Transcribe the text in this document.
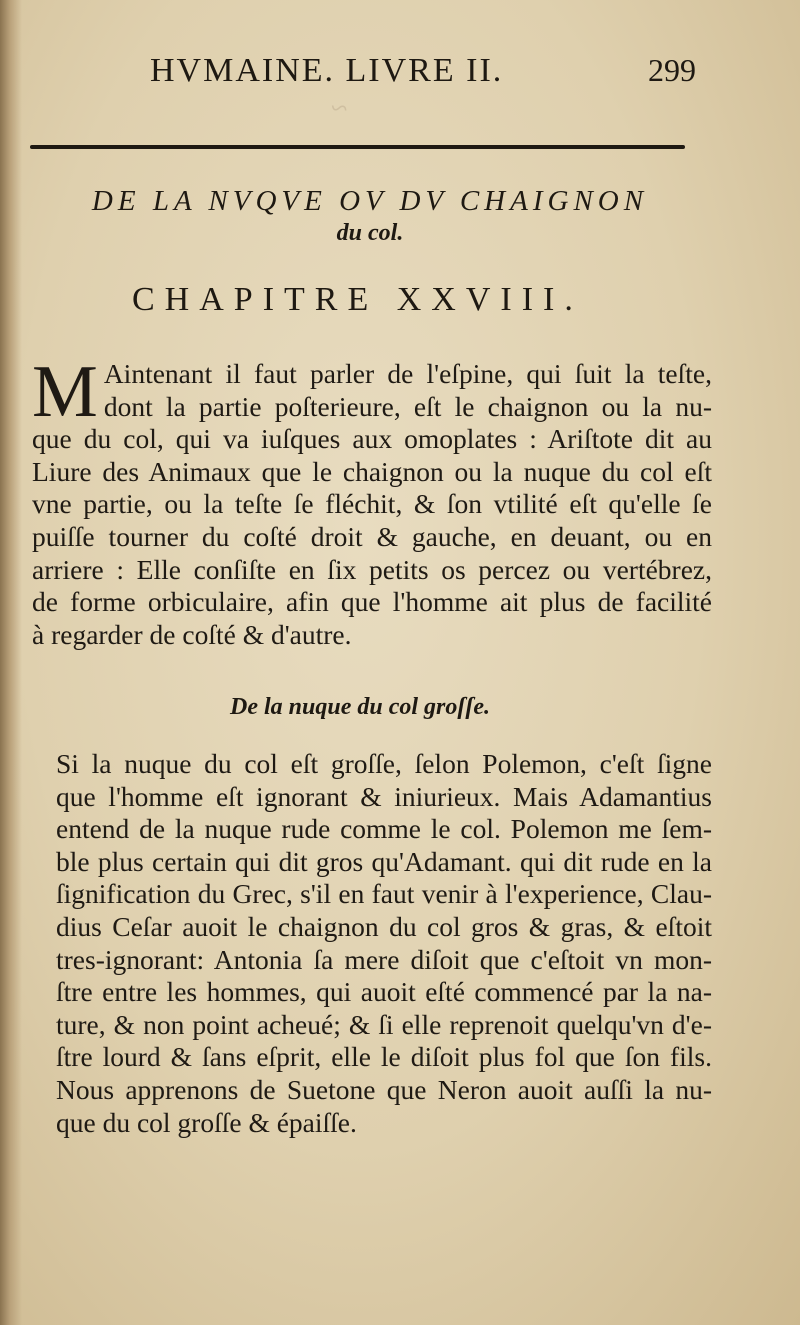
~
HVMAINE. LIVRE II.	299
DE LA NVQVE OV DV CHAIGNON
du col.
CHAPITRE XXVIII.
M Aintenant il faut parler de l'eſpine, qui ſuit la teſte,
dont la partie poſterieure, eſt le chaignon ou la nu-
que du col, qui va iuſques aux omoplates : Ariſtote dit au
Liure des Animaux que le chaignon ou la nuque du col eſt
vne partie, ou la teſte ſe fléchit, & ſon vtilité eſt qu'elle ſe
puiſſe tourner du coſté droit & gauche, en deuant, ou en
arriere : Elle conſiſte en ſix petits os percez ou vertébrez,
de forme orbiculaire, afin que l'homme ait plus de facilité
à regarder de coſté & d'autre.
De la nuque du col groſſe.
Si la nuque du col eſt groſſe, ſelon Polemon, c'eſt ſigne
que l'homme eſt ignorant & iniurieux. Mais Adamantius
entend de la nuque rude comme le col. Polemon me ſem-
ble plus certain qui dit gros qu'Adamant. qui dit rude en la
ſignification du Grec, s'il en faut venir à l'experience, Clau-
dius Ceſar auoit le chaignon du col gros & gras, & eſtoit
tres-ignorant: Antonia ſa mere diſoit que c'eſtoit vn mon-
ſtre entre les hommes, qui auoit eſté commencé par la na-
ture, & non point acheué; & ſi elle reprenoit quelqu'vn d'e-
ſtre lourd & ſans eſprit, elle le diſoit plus fol que ſon fils.
Nous apprenons de Suetone que Neron auoit auſſi la nu-
que du col groſſe & épaiſſe.
